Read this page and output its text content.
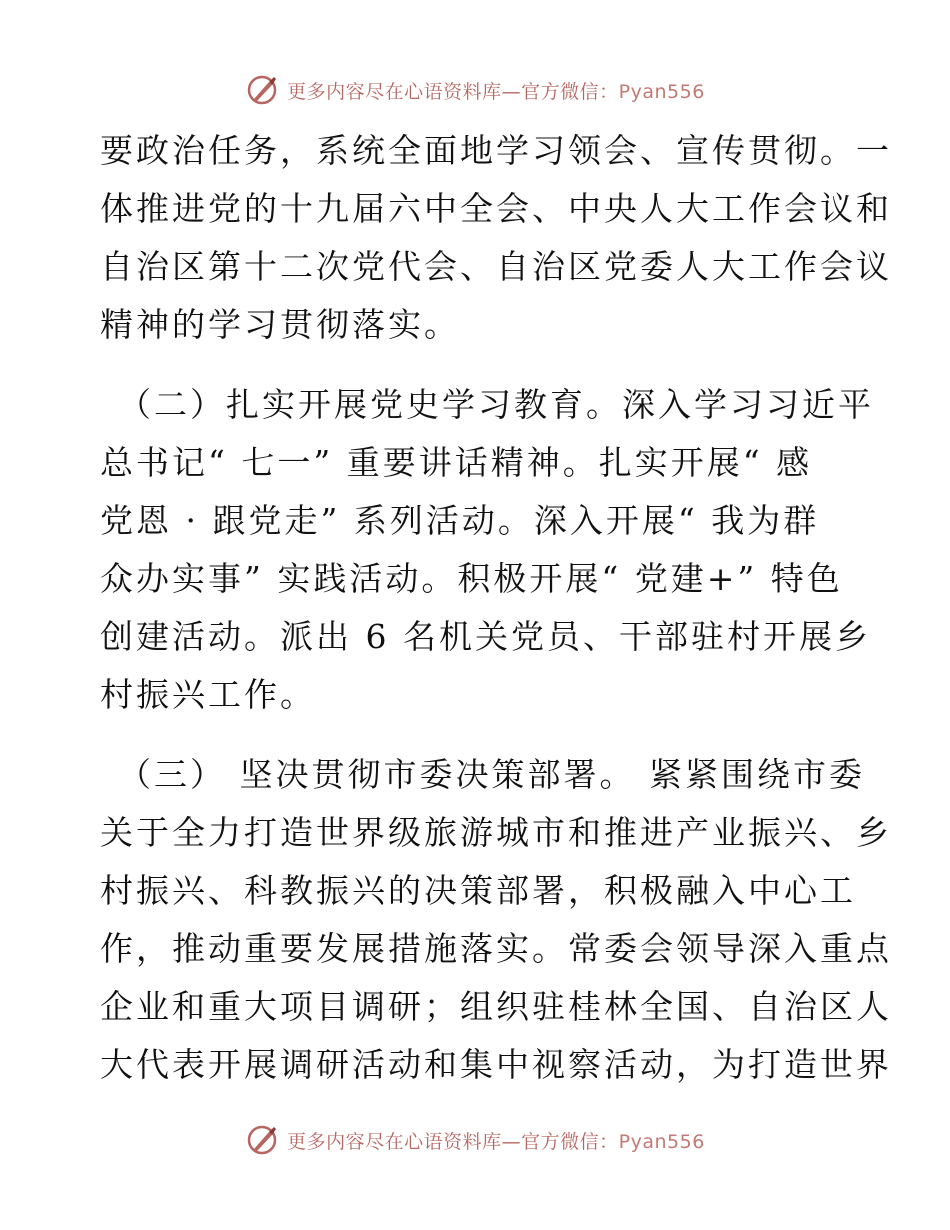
更多内容尽在心语资料库—官方微信：Pyan556
要政治任务，系统全面地学习领会、宣传贯彻。一
体推进党的十九届六中全会、中央人大工作会议和
自治区第十二次党代会、自治区党委人大工作会议
精神的学习贯彻落实。
（二）扎实开展党史学习教育。深入学习习近平
总书记“ 七一” 重要讲话精神。扎实开展“ 感
党恩 · 跟党走” 系列活动。深入开展“ 我为群
众办实事” 实践活动。积极开展“ 党建+” 特色
创建活动。派出 6 名机关党员、干部驻村开展乡
村振兴工作。
（三） 坚决贯彻市委决策部署。 紧紧围绕市委
关于全力打造世界级旅游城市和推进产业振兴、乡
村振兴、科教振兴的决策部署，积极融入中心工
作，推动重要发展措施落实。常委会领导深入重点
企业和重大项目调研；组织驻桂林全国、自治区人
大代表开展调研活动和集中视察活动，为打造世界
更多内容尽在心语资料库—官方微信：Pyan556
